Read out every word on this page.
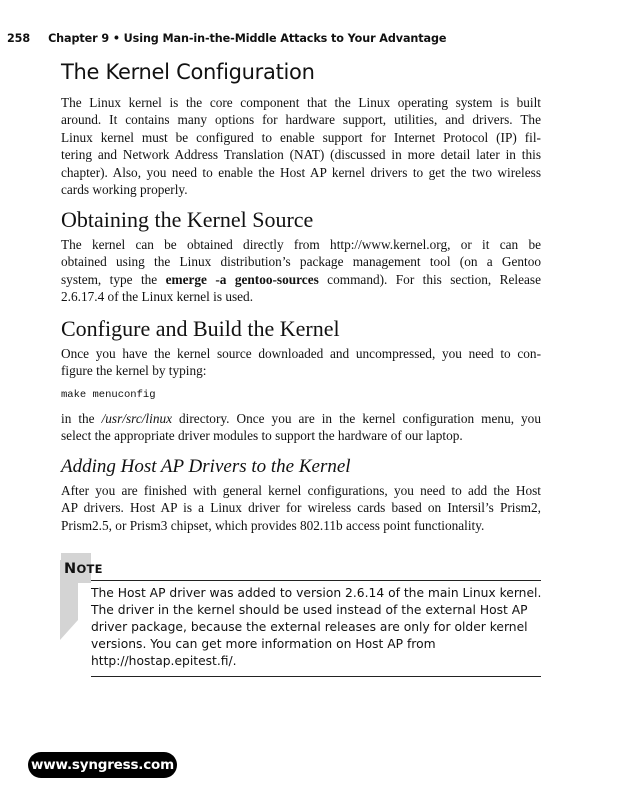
258 Chapter 9 • Using Man-in-the-Middle Attacks to Your Advantage
The Kernel Configuration

The Linux kernel is the core component that the Linux operating system is built
around. It contains many options for hardware support, utilities, and drivers. The
Linux kernel must be configured to enable support for Internet Protocol (IP) fil-
tering and Network Address Translation (NAT) (discussed in more detail later in this
chapter). Also, you need to enable the Host AP kernel drivers to get the two wireless
cards working properly.

Obtaining the Kernel Source

The kernel can be obtained directly from http://www.kernel.org, or it can be
obtained using the Linux distribution’s package management tool (on a Gentoo
system, type the emerge -a gentoo-sources command). For this section, Release
2.6.17.4 of the Linux kernel is used.

Configure and Build the Kernel

Once you have the kernel source downloaded and uncompressed, you need to con-
figure the kernel by typing:

make menuconfig

in the /usr/src/linux directory. Once you are in the kernel configuration menu, you
select the appropriate driver modules to support the hardware of our laptop.

Adding Host AP Drivers to the Kernel

After you are finished with general kernel configurations, you need to add the Host
AP drivers. Host AP is a Linux driver for wireless cards based on Intersil’s Prism2,
Prism2.5, or Prism3 chipset, which provides 802.11b access point functionality.

NOTE

The Host AP driver was added to version 2.6.14 of the main Linux kernel.
The driver in the kernel should be used instead of the external Host AP
driver package, because the external releases are only for older kernel
versions. You can get more information on Host AP from
http://hostap.epitest.fi/.

www.syngress.com
